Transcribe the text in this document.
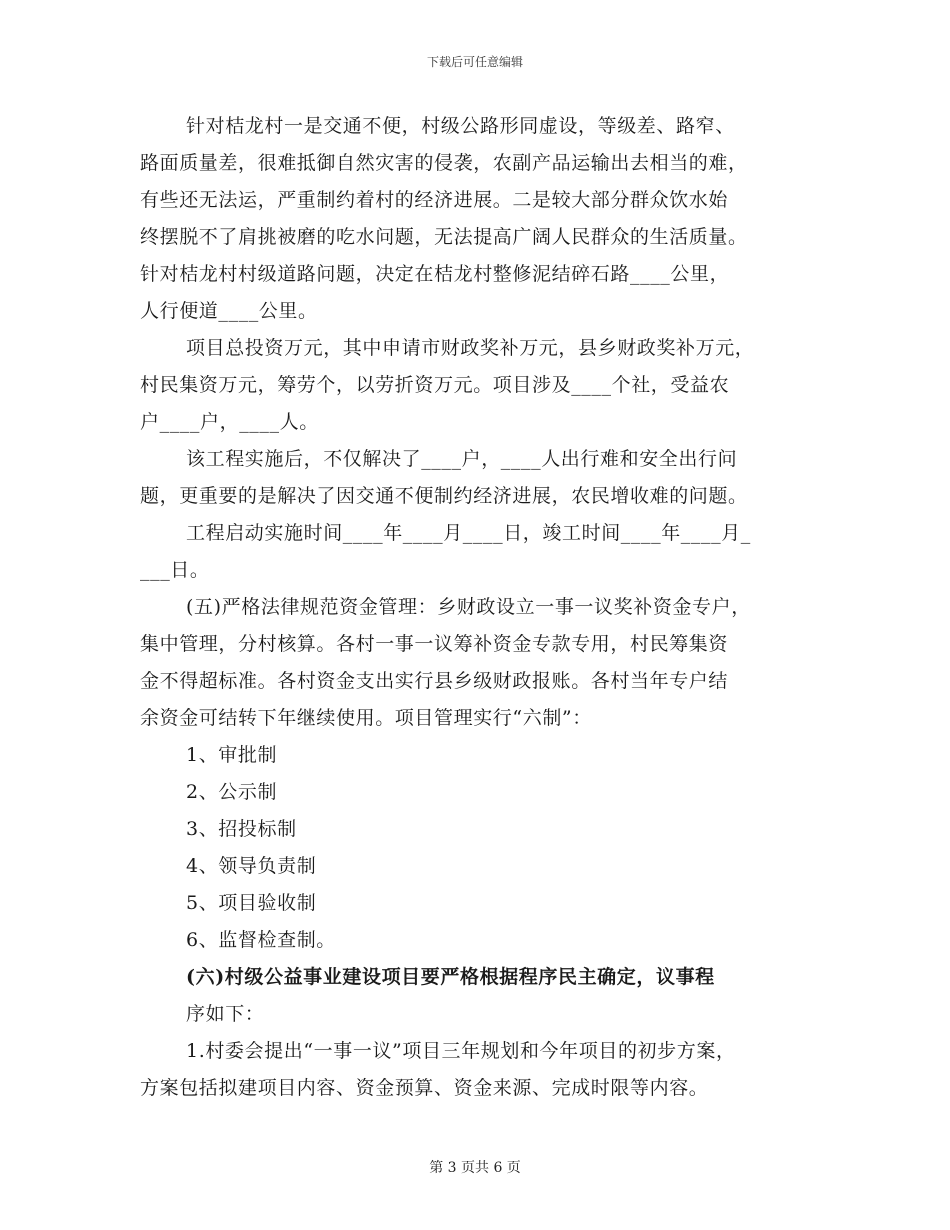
下载后可任意编辑
针对桔龙村一是交通不便，村级公路形同虚设，等级差、路窄、
路面质量差，很难抵御自然灾害的侵袭，农副产品运输出去相当的难，
有些还无法运，严重制约着村的经济进展。二是较大部分群众饮水始
终摆脱不了肩挑被磨的吃水问题，无法提高广阔人民群众的生活质量。
针对桔龙村村级道路问题，决定在桔龙村整修泥结碎石路____公里，
人行便道____公里。
项目总投资万元，其中申请市财政奖补万元，县乡财政奖补万元，
村民集资万元，筹劳个，以劳折资万元。项目涉及____个社，受益农
户____户，____人。
该工程实施后，不仅解决了____户，____人出行难和安全出行问
题，更重要的是解决了因交通不便制约经济进展，农民增收难的问题。
工程启动实施时间____年____月____日，竣工时间____年____月_
___日。
(五)严格法律规范资金管理：乡财政设立一事一议奖补资金专户，
集中管理，分村核算。各村一事一议筹补资金专款专用，村民筹集资
金不得超标准。各村资金支出实行县乡级财政报账。各村当年专户结
余资金可结转下年继续使用。项目管理实行“六制”：
1、审批制
2、公示制
3、招投标制
4、领导负责制
5、项目验收制
6、监督检查制。
(六)村级公益事业建设项目要严格根据程序民主确定，议事程
序如下：
1.村委会提出“一事一议”项目三年规划和今年项目的初步方案，
方案包括拟建项目内容、资金预算、资金来源、完成时限等内容。
第 3 页共 6 页
